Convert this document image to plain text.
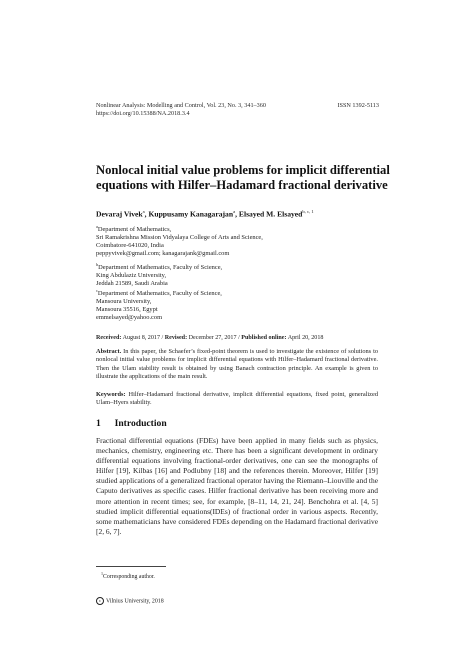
Nonlinear Analysis: Modelling and Control, Vol. 23, No. 3, 341–360
https://doi.org/10.15388/NA.2018.3.4
ISSN 1392-5113
Nonlocal initial value problems for implicit differential
equations with Hilfer–Hadamard fractional derivative
Devaraj Vivek$^a$, Kuppusamy Kanagarajan$^a$, Elsayed M. Elsayed$^{b, c, 1}$
$^a$Department of Mathematics,
Sri Ramakrishna Mission Vidyalaya College of Arts and Science,
Coimbatore-641020, India
peppyvivek@gmail.com; kanagarajank@gmail.com
$^b$Department of Mathematics, Faculty of Science,
King Abdulaziz University,
Jeddah 21589, Saudi Arabia
$^c$Department of Mathematics, Faculty of Science,
Mansoura University,
Mansoura 35516, Egypt
emmelsayed@yahoo.com
Received: August 8, 2017 / Revised: December 27, 2017 / Published online: April 20, 2018
Abstract. In this paper, the Schaefer’s fixed-point theorem is used to investigate the existence of solutions to nonlocal initial value problems for implicit differential equations with Hilfer–Hadamard fractional derivative. Then the Ulam stability result is obtained by using Banach contraction principle. An example is given to illustrate the applications of the main result.
Keywords: Hilfer–Hadamard fractional derivative, implicit differential equations, fixed point, generalized Ulam–Hyers stability.
1 Introduction
Fractional differential equations (FDEs) have been applied in many fields such as physics, mechanics, chemistry, engineering etc. There has been a significant development in ordinary differential equations involving fractional-order derivatives, one can see the monographs of Hilfer [19], Kilbas [16] and Podlubny [18] and the references therein. Moreover, Hilfer [19] studied applications of a generalized fractional operator having the Riemann–Liouville and the Caputo derivatives as specific cases. Hilfer fractional derivative has been receiving more and more attention in recent times; see, for example, [8–11, 14, 21, 24]. Benchohra et al. [4, 5] studied implicit differential equations(IDEs) of fractional order in various aspects. Recently, some mathematicians have considered FDEs depending on the Hadamard fractional derivative [2, 6, 7].
$^1$Corresponding author.
c Vilnius University, 2018
